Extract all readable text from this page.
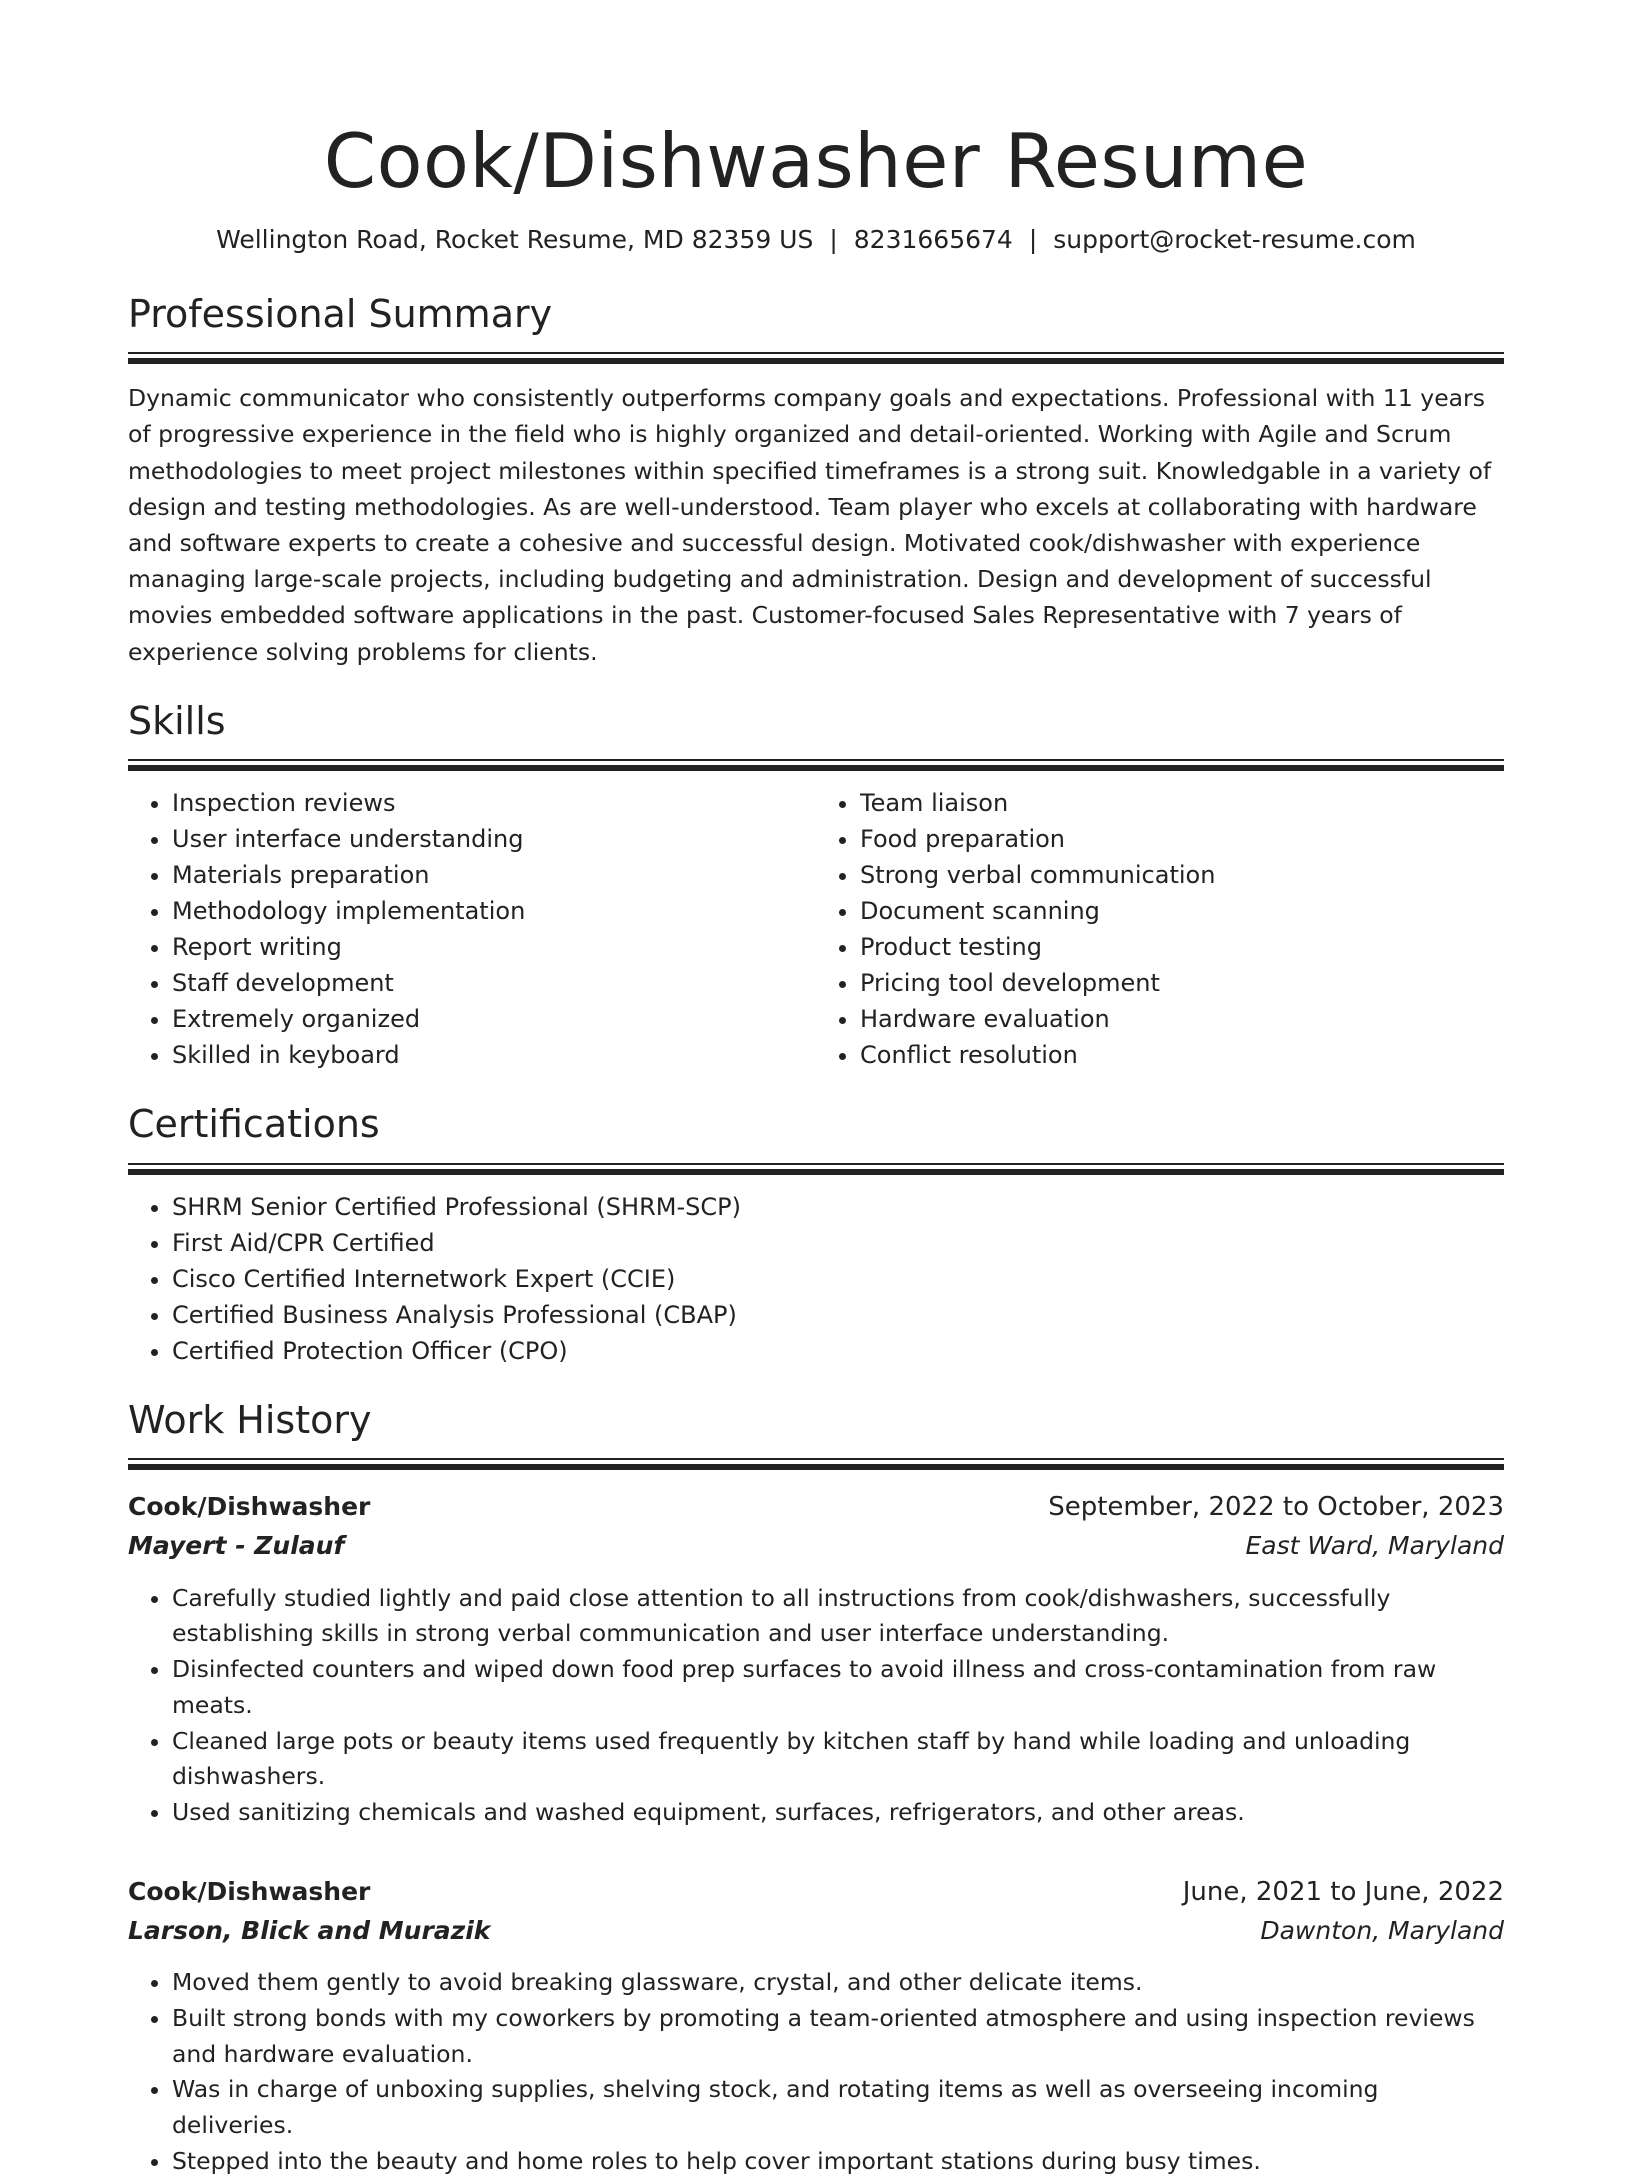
Cook/Dishwasher Resume
Wellington Road, Rocket Resume, MD 82359 US | 8231665674 | support@rocket-resume.com
Professional Summary

Dynamic communicator who consistently outperforms company goals and expectations. Professional with 11 years of progressive experience in the field who is highly organized and detail-oriented. Working with Agile and Scrum methodologies to meet project milestones within specified timeframes is a strong suit. Knowledgable in a variety of design and testing methodologies. As are well-understood. Team player who excels at collaborating with hardware and software experts to create a cohesive and successful design. Motivated cook/dishwasher with experience managing large-scale projects, including budgeting and administration. Design and development of successful movies embedded software applications in the past. Customer-focused Sales Representative with 7 years of experience solving problems for clients.

Skills
• Inspection reviews
• User interface understanding
• Materials preparation
• Methodology implementation
• Report writing
• Staff development
• Extremely organized
• Skilled in keyboard
• Team liaison
• Food preparation
• Strong verbal communication
• Document scanning
• Product testing
• Pricing tool development
• Hardware evaluation
• Conflict resolution
Certifications
• SHRM Senior Certified Professional (SHRM-SCP)
• First Aid/CPR Certified
• Cisco Certified Internetwork Expert (CCIE)
• Certified Business Analysis Professional (CBAP)
• Certified Protection Officer (CPO)
Work History
Cook/Dishwasher	September, 2022 to October, 2023
Mayert - Zulauf	East Ward, Maryland
• Carefully studied lightly and paid close attention to all instructions from cook/dishwashers, successfully establishing skills in strong verbal communication and user interface understanding.
• Disinfected counters and wiped down food prep surfaces to avoid illness and cross-contamination from raw meats.
• Cleaned large pots or beauty items used frequently by kitchen staff by hand while loading and unloading dishwashers.
• Used sanitizing chemicals and washed equipment, surfaces, refrigerators, and other areas.
Cook/Dishwasher	June, 2021 to June, 2022
Larson, Blick and Murazik	Dawnton, Maryland
• Moved them gently to avoid breaking glassware, crystal, and other delicate items.
• Built strong bonds with my coworkers by promoting a team-oriented atmosphere and using inspection reviews and hardware evaluation.
• Was in charge of unboxing supplies, shelving stock, and rotating items as well as overseeing incoming deliveries.
• Stepped into the beauty and home roles to help cover important stations during busy times.
